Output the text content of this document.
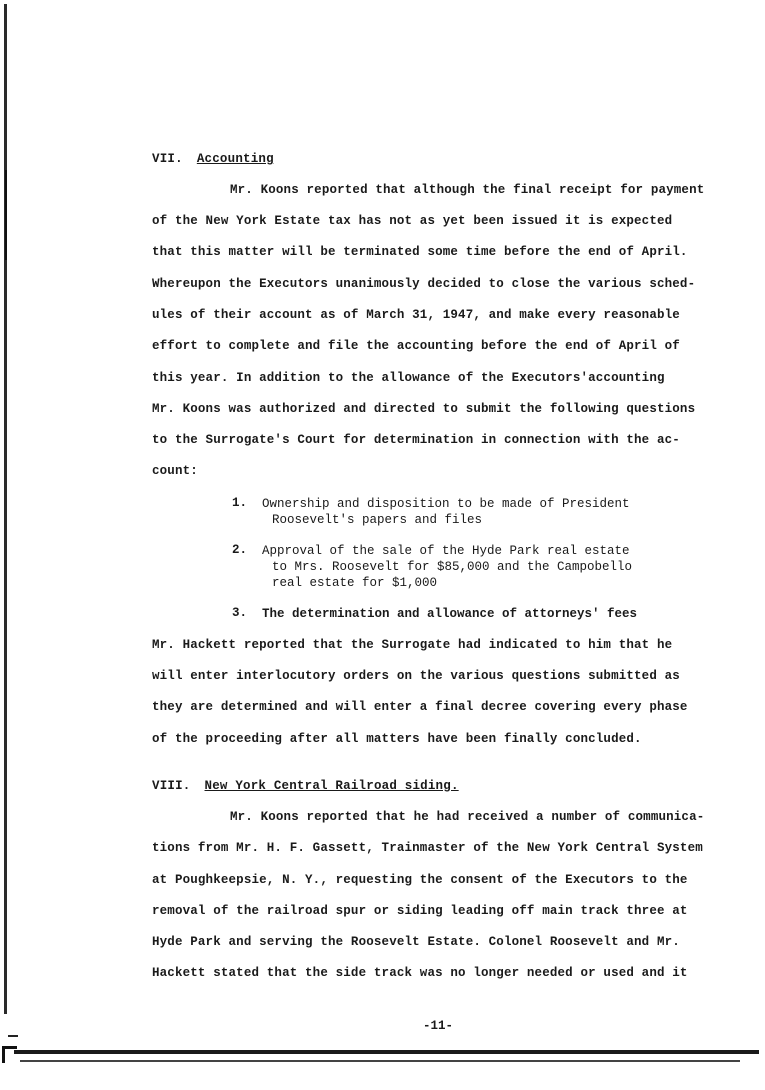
VII. Accounting
Mr. Koons reported that although the final receipt for payment
of the New York Estate tax has not as yet been issued it is expected
that this matter will be terminated some time before the end of April.
Whereupon the Executors unanimously decided to close the various sched-
ules of their account as of March 31, 1947, and make every reasonable
effort to complete and file the accounting before the end of April of
this year. In addition to the allowance of the Executors'accounting
Mr. Koons was authorized and directed to submit the following questions
to the Surrogate's Court for determination in connection with the ac-
count:
1. Ownership and disposition to be made of President
Roosevelt's papers and files
2. Approval of the sale of the Hyde Park real estate
to Mrs. Roosevelt for $85,000 and the Campobello
real estate for $1,000
3. The determination and allowance of attorneys' fees
Mr. Hackett reported that the Surrogate had indicated to him that he
will enter interlocutory orders on the various questions submitted as
they are determined and will enter a final decree covering every phase
of the proceeding after all matters have been finally concluded.
VIII. New York Central Railroad siding.
Mr. Koons reported that he had received a number of communica-
tions from Mr. H. F. Gassett, Trainmaster of the New York Central System
at Poughkeepsie, N. Y., requesting the consent of the Executors to the
removal of the railroad spur or siding leading off main track three at
Hyde Park and serving the Roosevelt Estate. Colonel Roosevelt and Mr.
Hackett stated that the side track was no longer needed or used and it
-11-
